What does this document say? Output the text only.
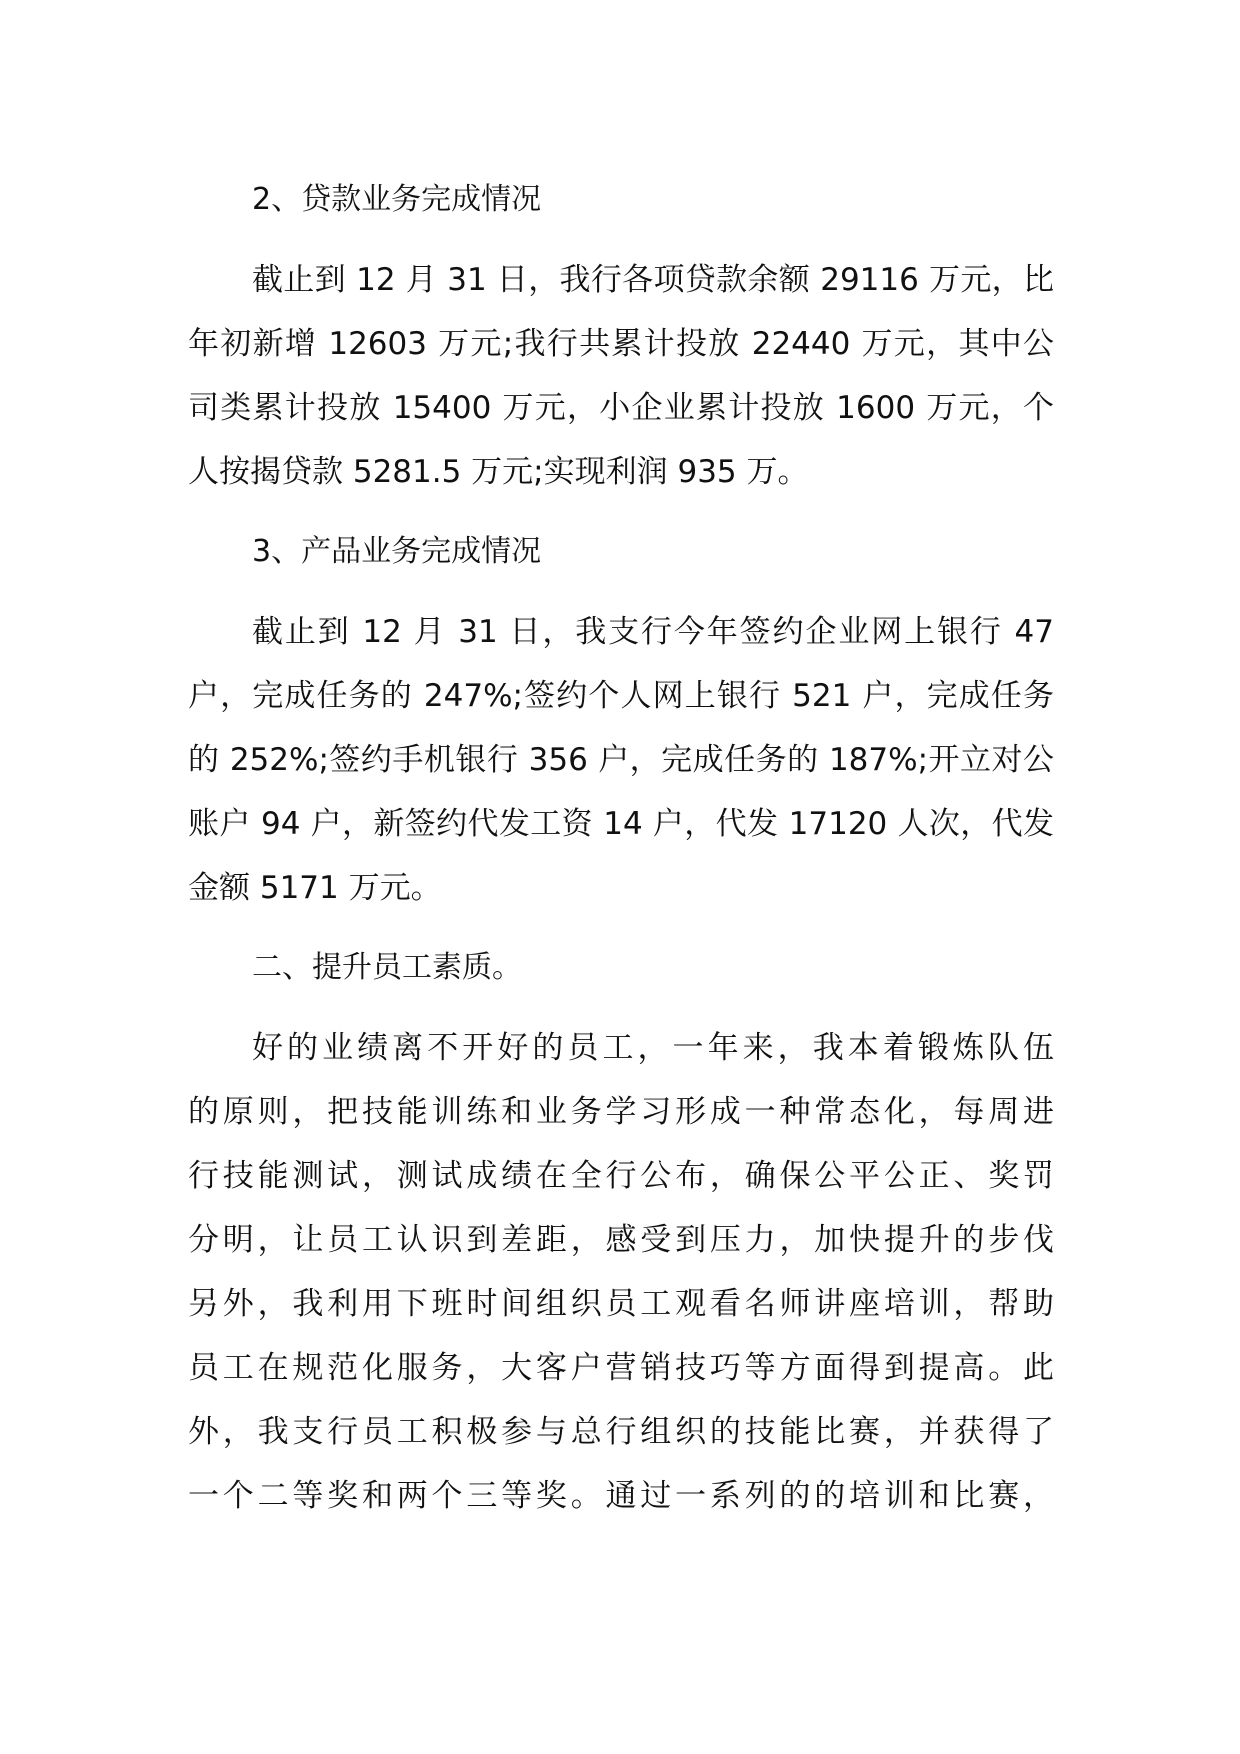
2、贷款业务完成情况
截止到 12 月 31 日，我行各项贷款余额 29116 万元，比
年初新增 12603 万元;我行共累计投放 22440 万元，其中公
司类累计投放 15400 万元，小企业累计投放 1600 万元，个
人按揭贷款 5281.5 万元;实现利润 935 万。
3、产品业务完成情况
截止到 12 月 31 日，我支行今年签约企业网上银行 47
户，完成任务的 247%;签约个人网上银行 521 户，完成任务
的 252%;签约手机银行 356 户，完成任务的 187%;开立对公
账户 94 户，新签约代发工资 14 户，代发 17120 人次，代发
金额 5171 万元。
二、提升员工素质。
好的业绩离不开好的员工，一年来，我本着锻炼队伍
的原则，把技能训练和业务学习形成一种常态化，每周进
行技能测试，测试成绩在全行公布，确保公平公正、奖罚
分明，让员工认识到差距，感受到压力，加快提升的步伐
另外，我利用下班时间组织员工观看名师讲座培训，帮助
员工在规范化服务，大客户营销技巧等方面得到提高。此
外，我支行员工积极参与总行组织的技能比赛，并获得了
一个二等奖和两个三等奖。通过一系列的的培训和比赛，
